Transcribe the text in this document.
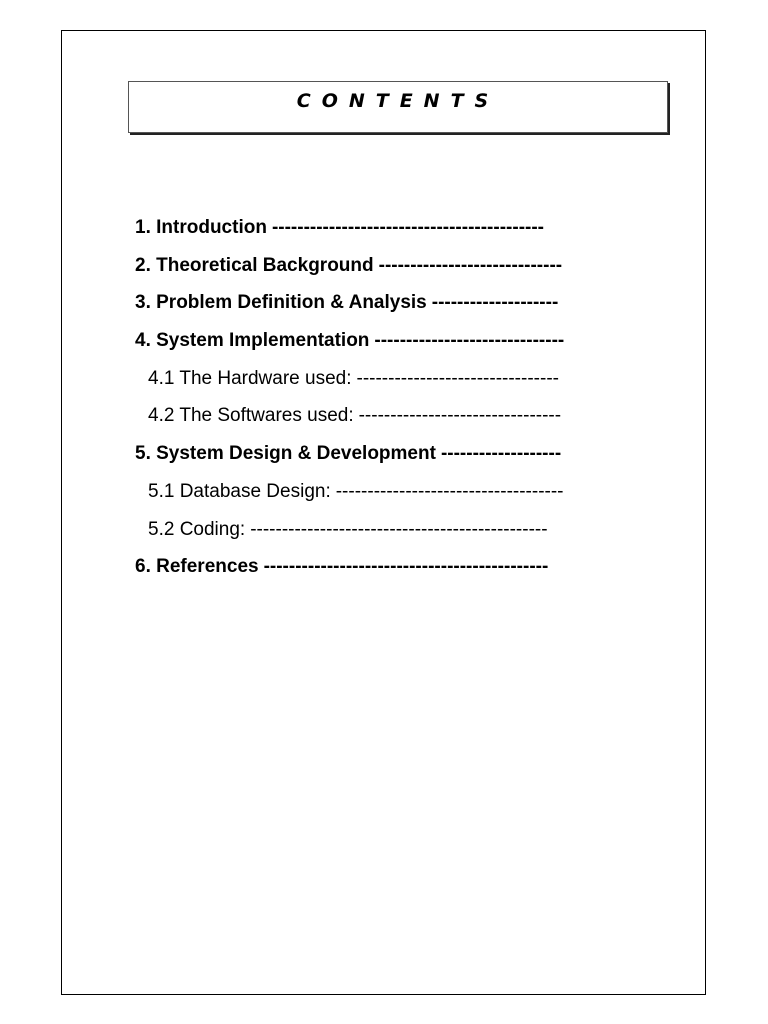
CONTENTS
1. Introduction -------------------------------------------
2. Theoretical Background -----------------------------
3. Problem Definition & Analysis --------------------
4. System Implementation ------------------------------
4.1 The Hardware used: --------------------------------
4.2 The Softwares used: --------------------------------
5. System Design & Development -------------------
5.1 Database Design: ------------------------------------
5.2 Coding: -----------------------------------------------
6. References ---------------------------------------------
